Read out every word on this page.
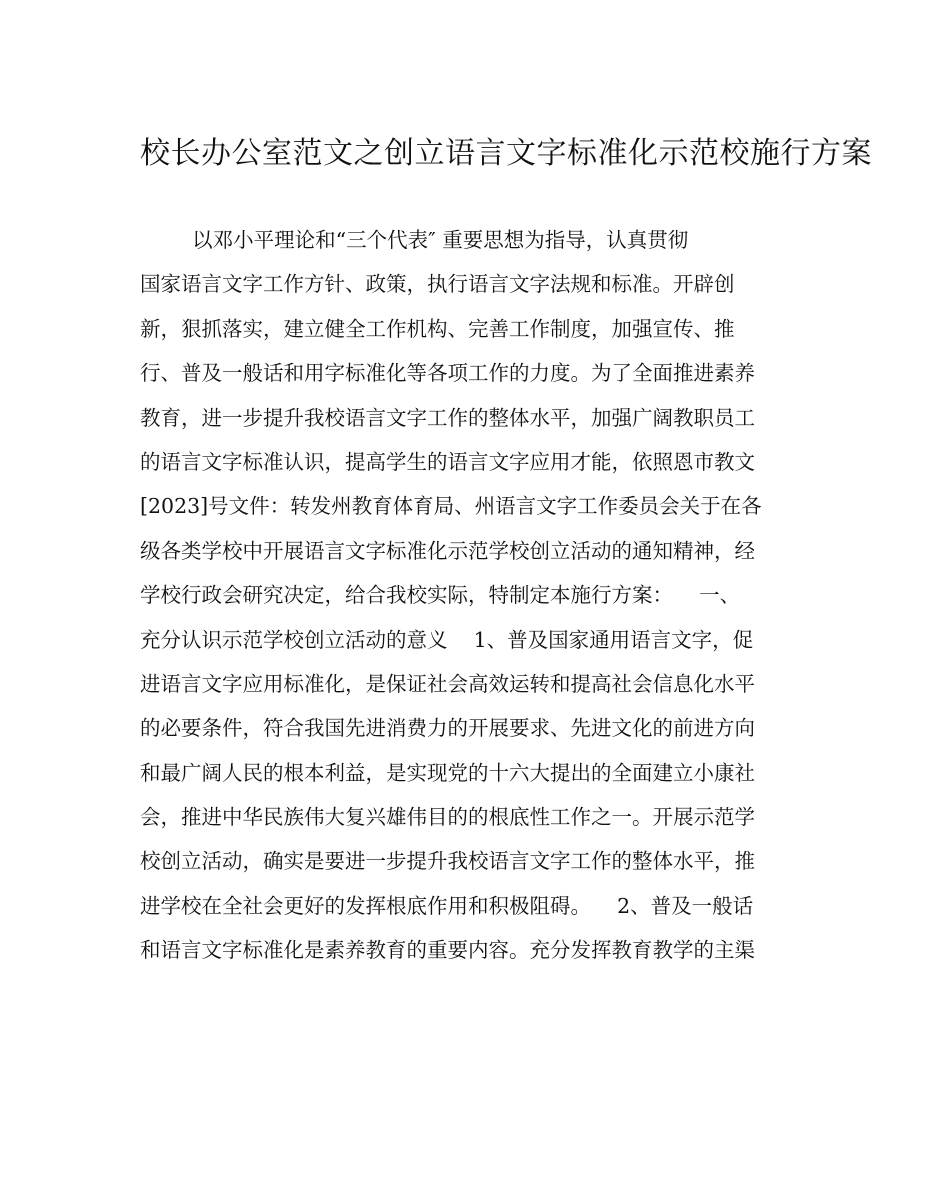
校长办公室范文之创立语言文字标准化示范校施行方案
以邓小平理论和“三个代表″ 重要思想为指导，认真贯彻
国家语言文字工作方针、政策，执行语言文字法规和标准。开辟创
新，狠抓落实，建立健全工作机构、完善工作制度，加强宣传、推
行、普及一般话和用字标准化等各项工作的力度。为了全面推进素养
教育，进一步提升我校语言文字工作的整体水平，加强广阔教职员工
的语言文字标准认识，提高学生的语言文字应用才能，依照恩市教文
[2023]号文件：转发州教育体育局、州语言文字工作委员会关于在各
级各类学校中开展语言文字标准化示范学校创立活动的通知精神，经
学校行政会研究决定，给合我校实际，特制定本施行方案：    一、
充分认识示范学校创立活动的意义    1、普及国家通用语言文字，促
进语言文字应用标准化，是保证社会高效运转和提高社会信息化水平
的必要条件，符合我国先进消费力的开展要求、先进文化的前进方向
和最广阔人民的根本利益，是实现党的十六大提出的全面建立小康社
会，推进中华民族伟大复兴雄伟目的的根底性工作之一。开展示范学
校创立活动，确实是要进一步提升我校语言文字工作的整体水平，推
进学校在全社会更好的发挥根底作用和积极阻碍。    2、普及一般话
和语言文字标准化是素养教育的重要内容。充分发挥教育教学的主渠
